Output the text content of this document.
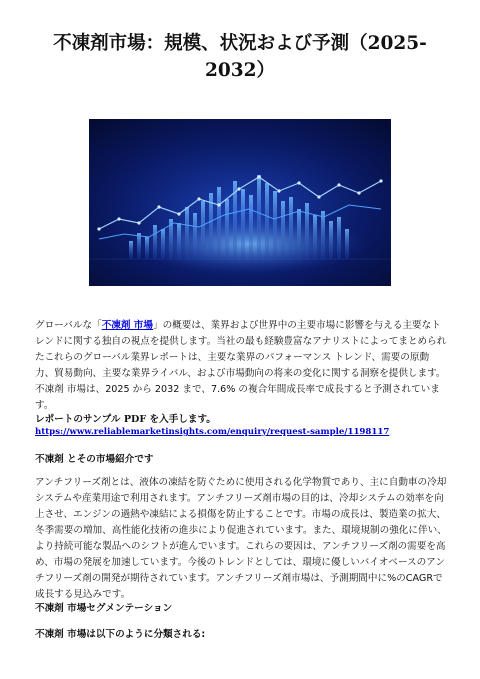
不凍剤市場：規模、状況および予測（2025-
2032）
グローバルな「不凍剤 市場」の概要は、業界および世界中の主要市場に影響を与える主要なトレンドに関する独自の視点を提供します。当社の最も経験豊富なアナリストによってまとめられたこれらのグローバル業界レポートは、主要な業界のパフォーマンス トレンド、需要の原動力、貿易動向、主要な業界ライバル、および市場動向の将来の変化に関する洞察を提供します。不凍剤 市場は、2025 から 2032 まで、7.6% の複合年間成長率で成長すると予測されています。
レポートのサンプル PDF を入手します。
https://www.reliablemarketinsights.com/enquiry/request-sample/1198117
不凍剤 とその市場紹介です
アンチフリーズ剤とは、液体の凍結を防ぐために使用される化学物質であり、主に自動車の冷却システムや産業用途で利用されます。アンチフリーズ剤市場の目的は、冷却システムの効率を向上させ、エンジンの過熱や凍結による損傷を防止することです。市場の成長は、製造業の拡大、冬季需要の増加、高性能化技術の進歩により促進されています。また、環境規制の強化に伴い、より持続可能な製品へのシフトが進んでいます。これらの要因は、アンチフリーズ剤の需要を高め、市場の発展を加速しています。今後のトレンドとしては、環境に優しいバイオベースのアンチフリーズ剤の開発が期待されています。アンチフリーズ剤市場は、予測期間中に%のCAGRで成長する見込みです。
不凍剤 市場セグメンテーション
不凍剤 市場は以下のように分類される:
